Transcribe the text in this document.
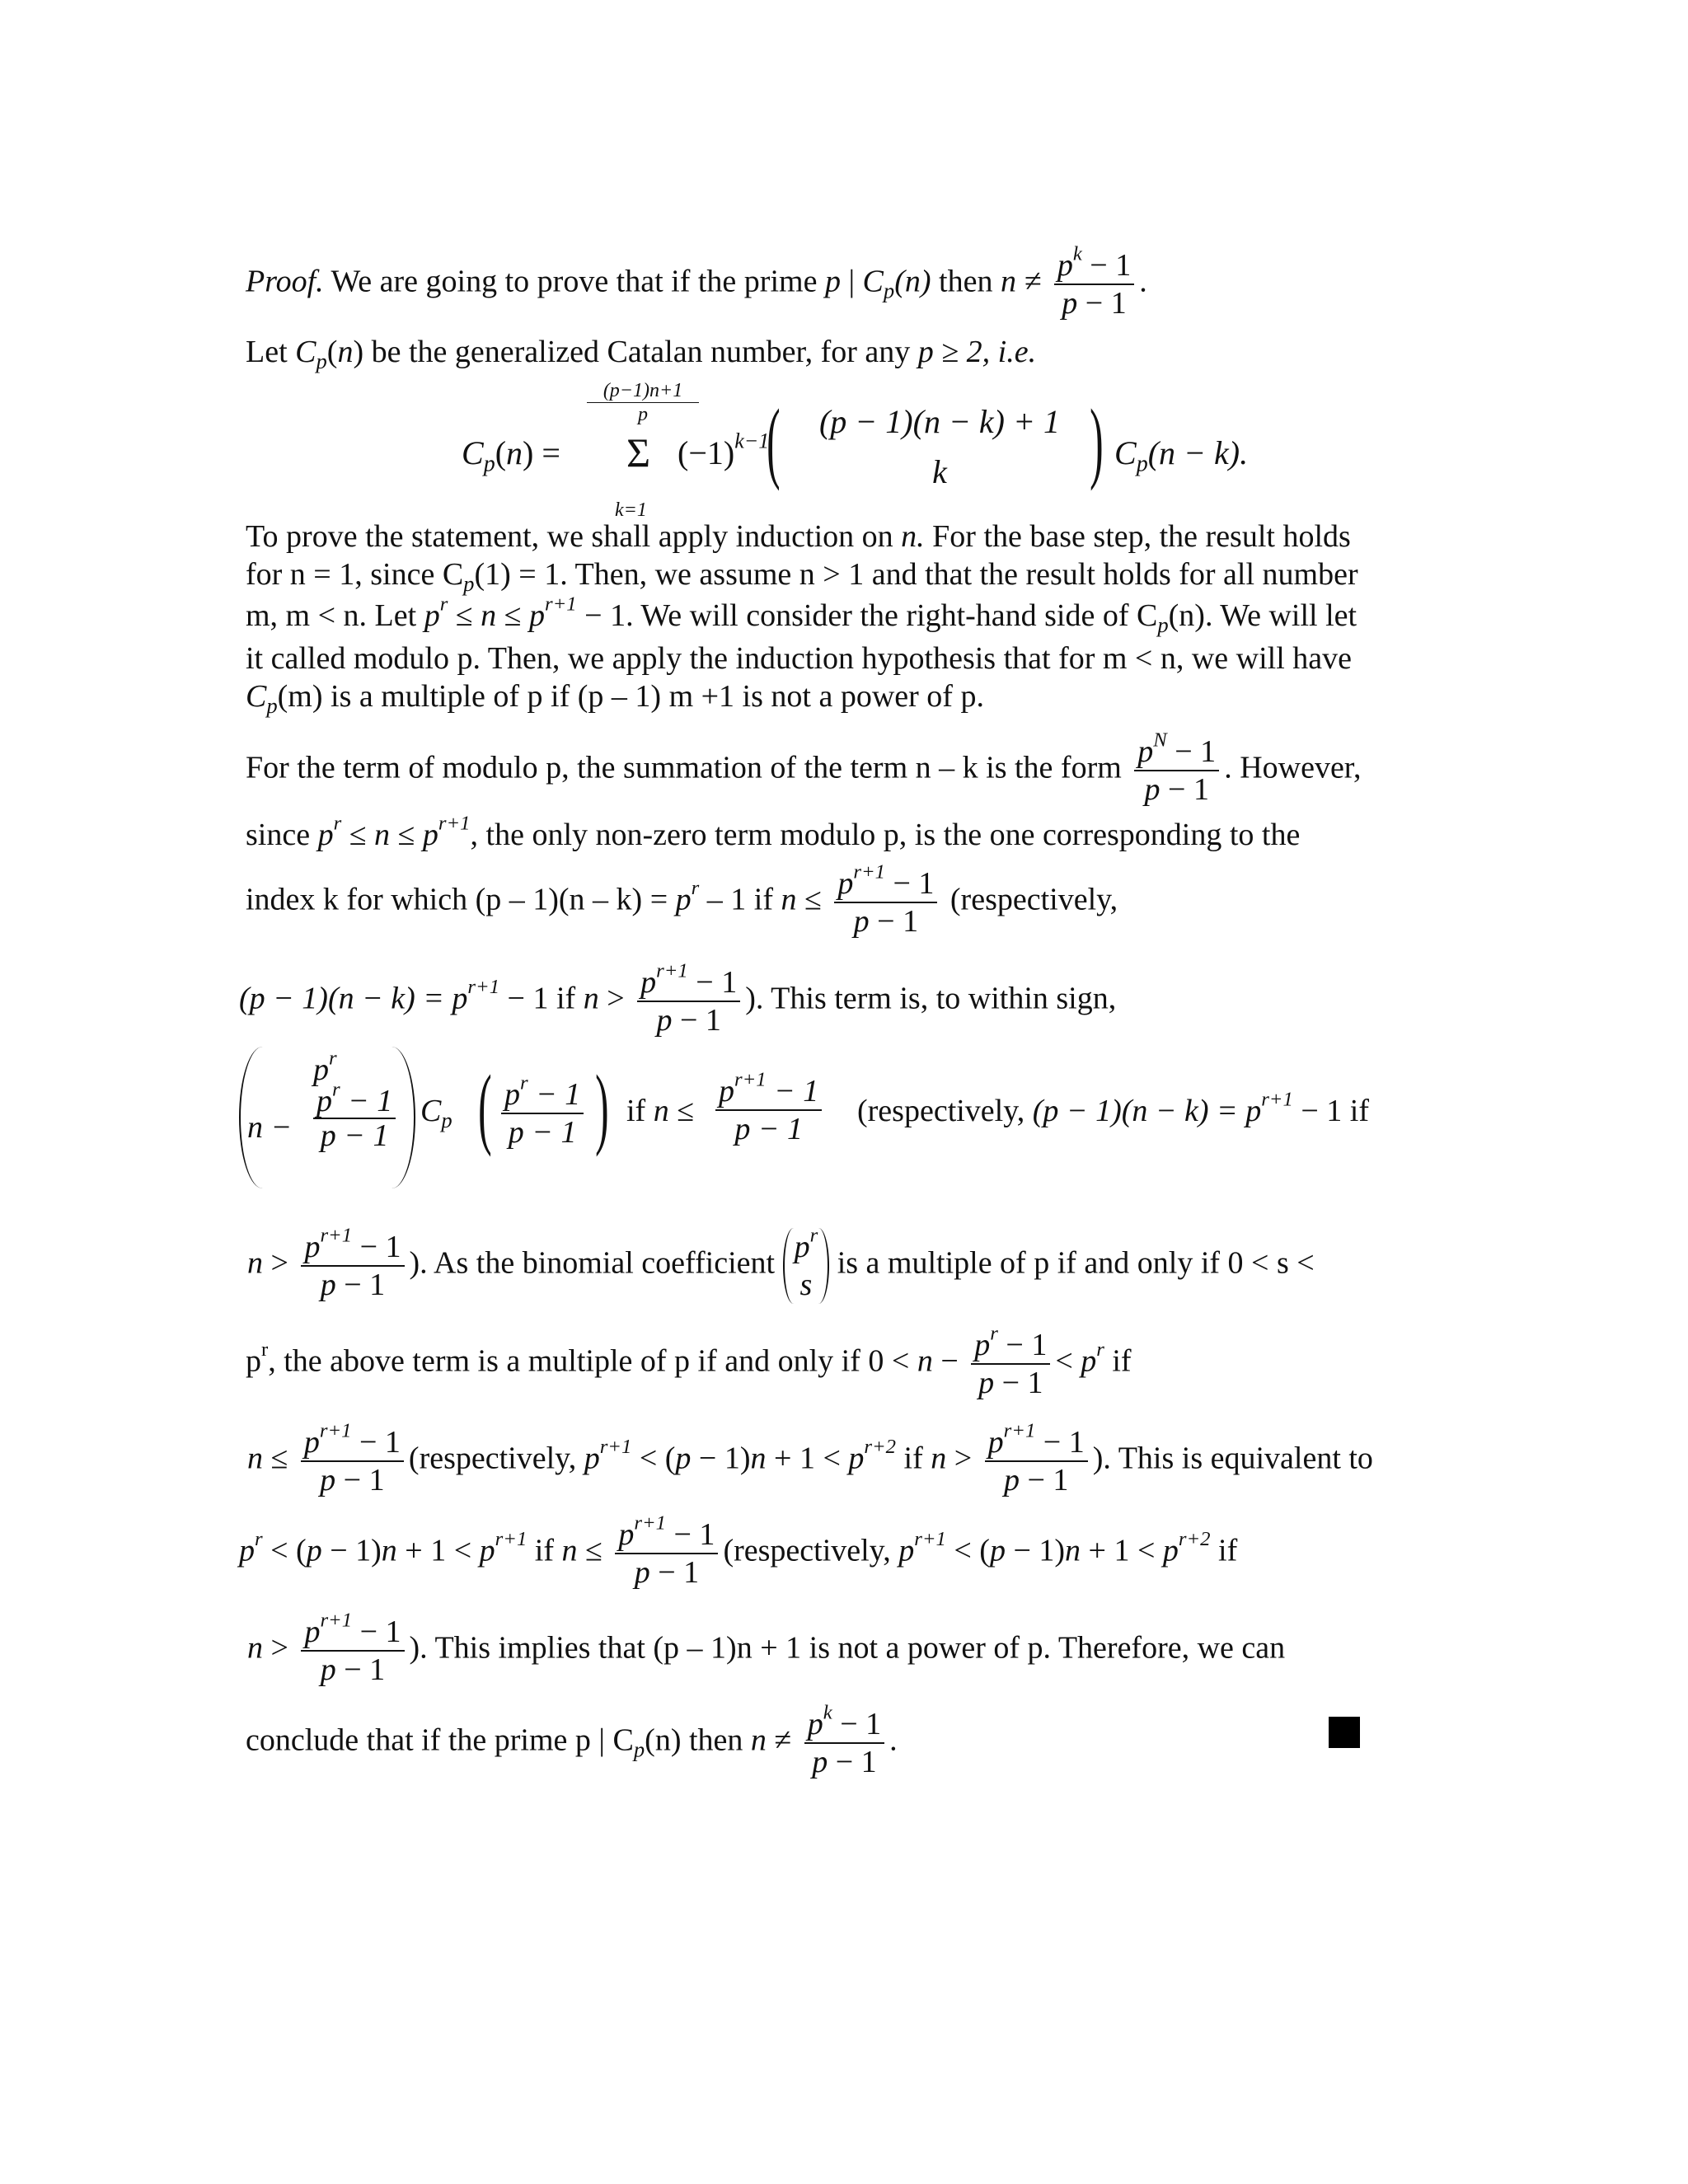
Proof. We are going to prove that if the prime p | $C_p(n)$ then $n \ne \frac{p^k - 1}{p - 1}$ .
Let $C_p(n)$ be the generalized Catalan number, for any p ≥ 2, i.e.
$C_p(n)$ =
(p−1)n+1
p
Σ
k=1
$(-1)^{k-1}$
(	(p − 1)(n − k) + 1
k	) $C_p(n - k)$.
To prove the statement, we shall apply induction on n. For the base step, the result holds
for n = 1, since $C_p(1) = 1$. Then, we assume n > 1 and that the result holds for all number
m, m < n. Let $p^r \le n \le p^{r+1} - 1$. We will consider the right-hand side of $C_p(n)$. We will let
it called modulo p. Then, we apply the induction hypothesis that for m < n, we will have
$C_p(m)$ is a multiple of p if (p – 1) m +1 is not a power of p.
For the term of modulo p, the summation of the term n – k is the form $\frac{p^N - 1}{p - 1}$ . However,
since $p^r \le n \le p^{r+1}$, the only non-zero term modulo p, is the one corresponding to the
index k for which $(p - 1)(n - k) = p^r - 1$ if $n \le \frac{p^{r+1} - 1}{p - 1}$ (respectively,
$(p - 1)(n - k) = p^{r+1} - 1$ if $n > \frac{p^{r+1} - 1}{p - 1}$ ). This term is, to within sign,
$p^r$
n −
$p^r - 1$
p − 1
$C_p$ ( $p^r - 1$
p − 1 ) if n ≤
$p^{r+1} - 1$
p − 1
(respectively, $(p - 1)(n - k) = p^{r+1} - 1$ if
$n > \frac{p^{r+1} - 1}{p - 1}$ ). As the binomial coefficient $p^r$
s
is a multiple of p if and only if 0 < s <
$p^r$, the above term is a multiple of p if and only if $0 < n - \frac{p^r - 1}{p - 1} < p^r$ if
$n \le \frac{p^{r+1} - 1}{p - 1}$ (respectively, $p^{r+1} < (p - 1)n + 1 < p^{r+2}$ if $n > \frac{p^{r+1} - 1}{p - 1}$ ). This is equivalent to
$p^r < (p - 1)n + 1 < p^{r+1}$ if $n \le \frac{p^{r+1} - 1}{p - 1}$ (respectively, $p^{r+1} < (p - 1)n + 1 < p^{r+2}$ if
$n > \frac{p^{r+1} - 1}{p - 1}$ ). This implies that (p – 1)n + 1 is not a power of p. Therefore, we can
conclude that if the prime p | $C_p(n)$ then $n \ne \frac{p^k - 1}{p - 1}$ .
